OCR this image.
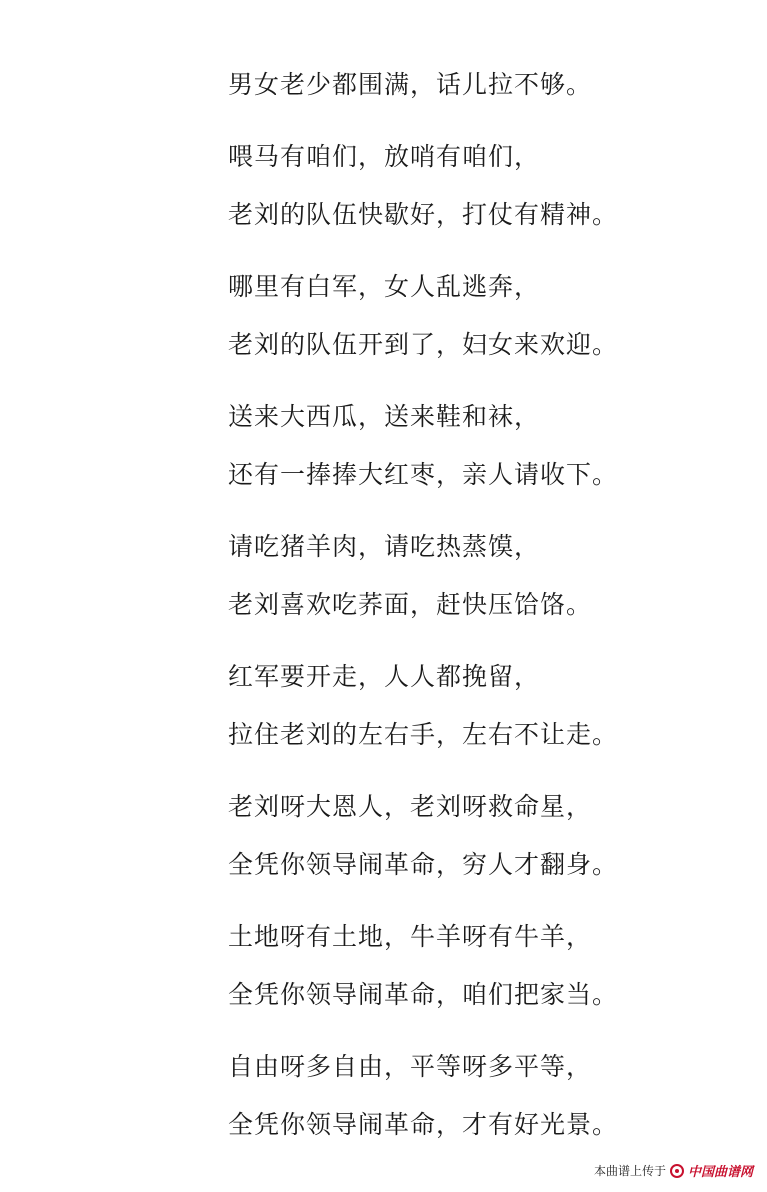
男女老少都围满，话儿拉不够。
喂马有咱们，放哨有咱们，
老刘的队伍快歇好，打仗有精神。
哪里有白军，女人乱逃奔，
老刘的队伍开到了，妇女来欢迎。
送来大西瓜，送来鞋和袜，
还有一捧捧大红枣，亲人请收下。
请吃猪羊肉，请吃热蒸馍，
老刘喜欢吃荞面，赶快压饸饹。
红军要开走，人人都挽留，
拉住老刘的左右手，左右不让走。
老刘呀大恩人，老刘呀救命星，
全凭你领导闹革命，穷人才翻身。
土地呀有土地，牛羊呀有牛羊，
全凭你领导闹革命，咱们把家当。
自由呀多自由，平等呀多平等，
全凭你领导闹革命，才有好光景。
本曲谱上传于 中国曲谱网
